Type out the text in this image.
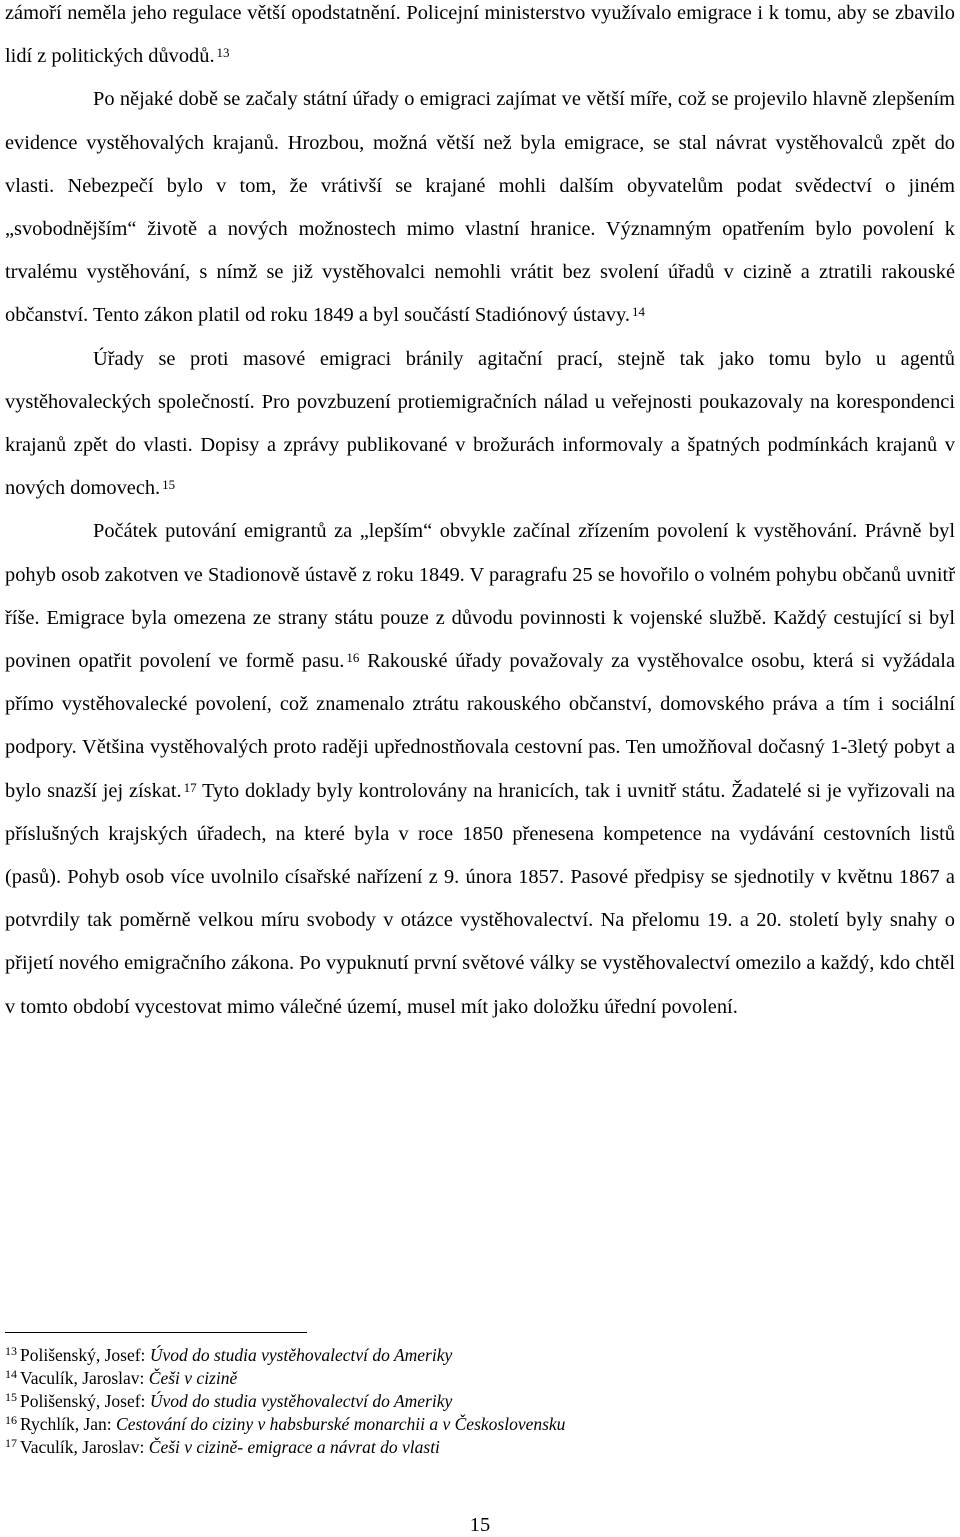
zámoří neměla jeho regulace větší opodstatnění. Policejní ministerstvo využívalo emigrace i k tomu, aby se zbavilo lidí z politických důvodů. $^{13}$

Po nějaké době se začaly státní úřady o emigraci zajímat ve větší míře, což se projevilo hlavně zlepšením evidence vystěhovalých krajanů. Hrozbou, možná větší než byla emigrace, se stal návrat vystěhovalců zpět do vlasti. Nebezpečí bylo v tom, že vrátivší se krajané mohli dalším obyvatelům podat svědectví o jiném „svobodnějším“ životě a nových možnostech mimo vlastní hranice. Významným opatřením bylo povolení k trvalému vystěhování, s nímž se již vystěhovalci nemohli vrátit bez svolení úřadů v cizině a ztratili rakouské občanství. Tento zákon platil od roku 1849 a byl součástí Stadiónový ústavy. $^{14}$

Úřady se proti masové emigraci bránily agitační prací, stejně tak jako tomu bylo u agentů vystěhovaleckých společností. Pro povzbuzení protiemigračních nálad u veřejnosti poukazovaly na korespondenci krajanů zpět do vlasti. Dopisy a zprávy publikované v brožurách informovaly a špatných podmínkách krajanů v nových domovech. $^{15}$

Počátek putování emigrantů za „lepším“ obvykle začínal zřízením povolení k vystěhování. Právně byl pohyb osob zakotven ve Stadionově ústavě z roku 1849. V paragrafu 25 se hovořilo o volném pohybu občanů uvnitř říše. Emigrace byla omezena ze strany státu pouze z důvodu povinnosti k vojenské službě. Každý cestující si byl povinen opatřit povolení ve formě pasu. $^{16}$ Rakouské úřady považovaly za vystěhovalce osobu, která si vyžádala přímo vystěhovalecké povolení, což znamenalo ztrátu rakouského občanství, domovského práva a tím i sociální podpory. Většina vystěhovalých proto raději upřednostňovala cestovní pas. Ten umožňoval dočasný 1-3letý pobyt a bylo snazší jej získat. $^{17}$ Tyto doklady byly kontrolovány na hranicích, tak i uvnitř státu. Žadatelé si je vyřizovali na příslušných krajských úřadech, na které byla v roce 1850 přenesena kompetence na vydávání cestovních listů (pasů). Pohyb osob více uvolnilo císařské nařízení z 9. února 1857. Pasové předpisy se sjednotily v květnu 1867 a potvrdily tak poměrně velkou míru svobody v otázce vystěhovalectví. Na přelomu 19. a 20. století byly snahy o přijetí nového emigračního zákona. Po vypuknutí první světové války se vystěhovalectví omezilo a každý, kdo chtěl v tomto období vycestovat mimo válečné území, musel mít jako doložku úřední povolení.

$^{13}$ Polišenský, Josef: Úvod do studia vystěhovalectví do Ameriky
$^{14}$ Vaculík, Jaroslav: Češi v cizině
$^{15}$ Polišenský, Josef: Úvod do studia vystěhovalectví do Ameriky
$^{16}$ Rychlík, Jan: Cestování do ciziny v habsburské monarchii a v Československu
$^{17}$ Vaculík, Jaroslav: Češi v cizině- emigrace a návrat do vlasti
15
